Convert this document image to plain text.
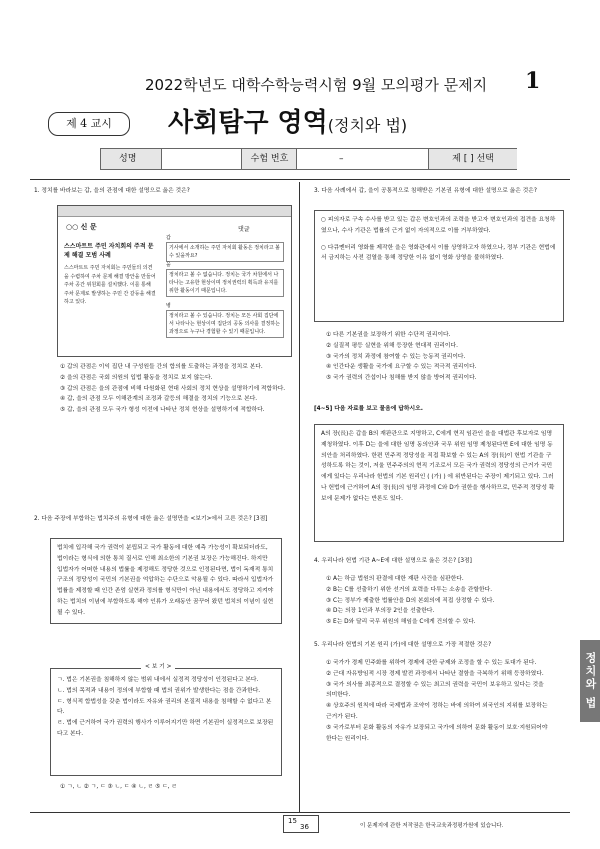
2022학년도 대학수학능력시험 9월 모의평가 문제지 1
제 4 교시	사회탐구 영역(정치와 법)
성명	수험 번호	–	제 [ ] 선택
1. 정치를 바라보는 갑, 을의 관점에 대한 설명으로 옳은 것은?
○○ 신 문
스스마트트 주민 자치회의 주적 문제 해결 모범 사례
스스마트트 주민 자치회는 주민들의 의견을 수렴하여 주차 문제 해결 방안을 만들어 주차 공간 위원회를 설치했다. 이를 통해 주차 문제로 발생하는 주민 간 갈등을 해결하고 있다.
댓글
갑
기사에서 소개하는 주민 자치회 활동은 정치라고 볼 수 있을까요?
을
정치라고 볼 수 없습니다. 정치는 국가 차원에서 나타나는 고유한 현상이며 정치권력의 획득과 유지를 위한 활동이기 때문입니다.
병
정치라고 볼 수 있습니다. 정치는 모든 사회 집단에서 나타나는 현상이며 집단의 공동 의사를 결정하는 과정으로 누구나 경험할 수 있기 때문입니다.

① 갑의 관점은 이익 집단 내 구성원들 간의 합의를 도출하는 과정을 정치로 본다.

② 을의 관점은 국회 의원의 입법 활동을 정치로 보지 않는다.

③ 갑의 관점은 을의 관점에 비해 다원화된 현대 사회의 정치 현상을 설명하기에 적합하다.

④ 갑, 을의 관점 모두 이해관계의 조정과 갈등의 해결을 정치의 기능으로 본다.

⑤ 갑, 을의 관점 모두 국가 형성 이전에 나타난 정치 현상을 설명하기에 적합하다.

2. 다음 주장에 부합하는 법치주의 유형에 대한 옳은 설명만을 <보기>에서 고른 것은? [3점]
법치에 입각해 국가 권력이 분립되고 국가 활동에 대한 예측 가능성이 확보되더라도, 법이라는 형식에 의한 통치 질서로 인해 최소한의 기본권 보장은 가능해진다. 하지만 입법자가 어떠한 내용의 법률을 제정해도 정당한 것으로 인정된다면, 법이 독재적 통치 구조의 정당성이 국민의 기본권을 억압하는 수단으로 악용될 수 있다. 따라서 입법자가 법률을 제정할 때 인간 존엄 실현과 정의를 형식만이 아닌 내용에서도 정당하고 지켜야 하는 법치의 이념에 부합하도록 해야 인류가 오래동안 꿈꾸어 왔던 법치의 이념이 실현될 수 있다.
< 보 기 >

ㄱ. 법은 기본권을 침해하지 않는 범위 내에서 실정적 정당성이 인정된다고 본다.

ㄴ. 법의 목적과 내용이 정의에 부합할 때 법의 권위가 발생한다는 점을 간과한다.

ㄷ. 형식적 합법성을 갖춘 법이라도 자유와 권리의 본질적 내용을 침해할 수 없다고 본다.

ㄹ. 법에 근거하여 국가 권력의 행사가 이루어지기만 하면 기본권이 실정적으로 보장된다고 본다.

① ㄱ, ㄴ ② ㄱ, ㄷ ③ ㄴ, ㄷ ④ ㄴ, ㄹ ⑤ ㄷ, ㄹ
3. 다음 사례에서 갑, 을이 공통적으로 침해받은 기본권 유형에 대한 설명으로 옳은 것은?

○ 피의자로 구속 수사를 받고 있는 갑은 변호인과의 조력을 받고자 변호인과의 접견을 요청하였으나, 수사 기관은 법률의 근거 없이 자의적으로 이를 거부하였다.

○ 다큐멘터리 영화를 제작한 을은 영화관에서 이를 상영하고자 하였으나, 정부 기관은 현법에서 금지하는 사전 검열을 통해 정당한 이유 없이 영화 상영을 불허하였다.

① 다른 기본권을 보장하기 위한 수단적 권리이다.

② 실질적 평등 실현을 위해 등장한 현대적 권리이다.

③ 국가의 정치 과정에 참여할 수 있는 능동적 권리이다.

④ 인간다운 생활을 국가에 요구할 수 있는 적극적 권리이다.

⑤ 국가 권력의 간섭이나 침해를 받지 않을 방어적 권리이다.

[4~5] 다음 자료를 보고 물음에 답하시오.
A의 장(長)은 갑을 B의 재판관으로 지명하고, C에게 현직 임관인 을을 대법관 후보자로 임명 제청하였다. 이후 D는 을에 대한 임명 동의안과 국무 위원 임명 제청된다면 E에 대한 임명 동의안을 처리하였다. 한편 민주적 정당성을 직접 확보할 수 있는 A의 장(長)이 헌법 기관을 구성하도록 하는 것이, 저울 민주주의의 현직 기조로서 모든 국가 권력의 정당성의 근거가 국민에게 있다는 우리나라 헌법의 기본 원리인 ( (가) ) 에 위반된다는 주장이 제기되고 있다. 그러나 헌법에 근거하여 A의 장(長)의 임명 과정에 C와 D가 권한을 행사하므로, 민주적 정당성 확보에 문제가 없다는 반론도 있다.
4. 우리나라 헌법 기관 A~E에 대한 설명으로 옳은 것은? [3점]

① A는 하급 법원의 판결에 대한 재판 사건을 심판한다.

② B는 C를 선출하기 위한 선거의 효력을 다투는 소송을 관할한다.

③ C는 정부가 제출한 법률안을 D의 본회의에 직접 상정할 수 있다.

④ D는 의장 1인과 부의장 2인을 선출한다.

⑤ E는 D와 달리 국무 위원의 해임을 C에게 건의할 수 있다.

5. 우리나라 헌법의 기본 원리 (가)에 대한 설명으로 가장 적절한 것은?

① 국가가 경제 민주화를 위하여 경제에 관한 규제와 조정을 할 수 있는 토대가 된다.

② 근대 자유방임적 시장 경제 발전 과정에서 나타난 결함을 극복하기 위해 등장하였다.

③ 국가 의사를 최종적으로 결정할 수 있는 최고의 권력을 국민이 보유하고 있다는 것을 의미한다.

④ 상호주의 원칙에 따라 국제법과 조약이 정하는 바에 의하여 외국인의 지위를 보장하는 근거가 된다.

⑤ 국가로부터 문화 활동의 자유가 보장되고 국가에 의하여 문화 활동이 보호·지원되어야 한다는 원리이다.

정치와 법
15
36	이 문제지에 관한 저작권은 한국교육과정평가원에 있습니다.
